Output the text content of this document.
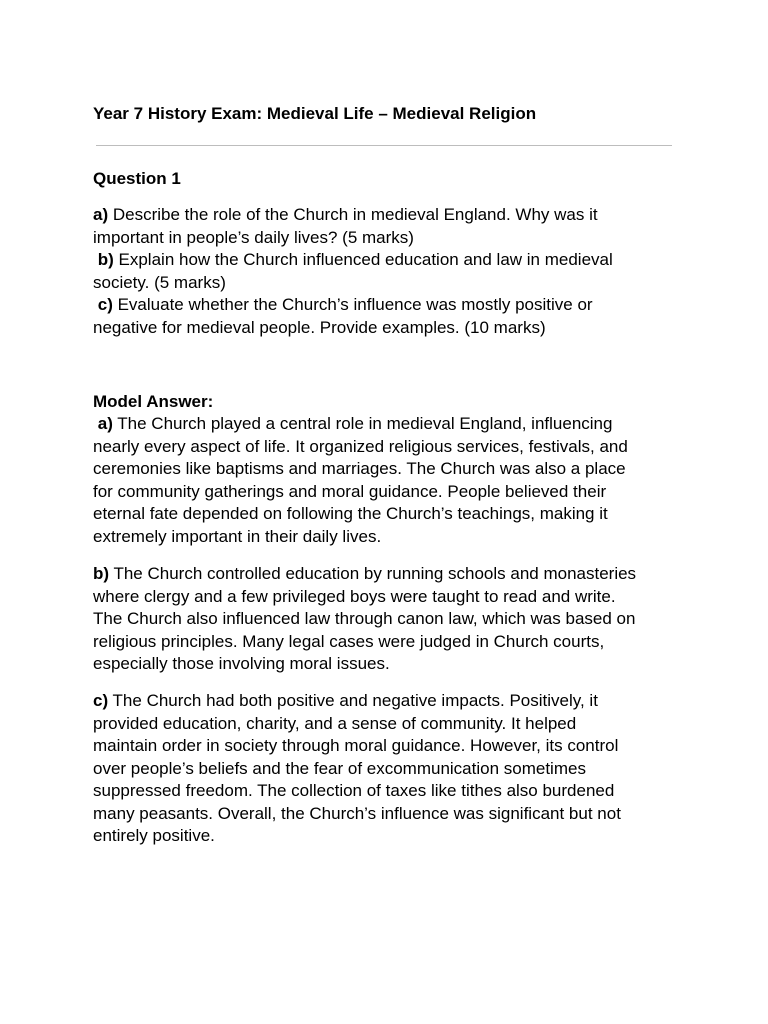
Year 7 History Exam: Medieval Life – Medieval Religion
Question 1
a) Describe the role of the Church in medieval England. Why was it
important in people’s daily lives? (5 marks)
b) Explain how the Church influenced education and law in medieval
society. (5 marks)
c) Evaluate whether the Church’s influence was mostly positive or
negative for medieval people. Provide examples. (10 marks)
Model Answer:
a) The Church played a central role in medieval England, influencing
nearly every aspect of life. It organized religious services, festivals, and
ceremonies like baptisms and marriages. The Church was also a place
for community gatherings and moral guidance. People believed their
eternal fate depended on following the Church’s teachings, making it
extremely important in their daily lives.
b) The Church controlled education by running schools and monasteries
where clergy and a few privileged boys were taught to read and write.
The Church also influenced law through canon law, which was based on
religious principles. Many legal cases were judged in Church courts,
especially those involving moral issues.
c) The Church had both positive and negative impacts. Positively, it
provided education, charity, and a sense of community. It helped
maintain order in society through moral guidance. However, its control
over people’s beliefs and the fear of excommunication sometimes
suppressed freedom. The collection of taxes like tithes also burdened
many peasants. Overall, the Church’s influence was significant but not
entirely positive.
